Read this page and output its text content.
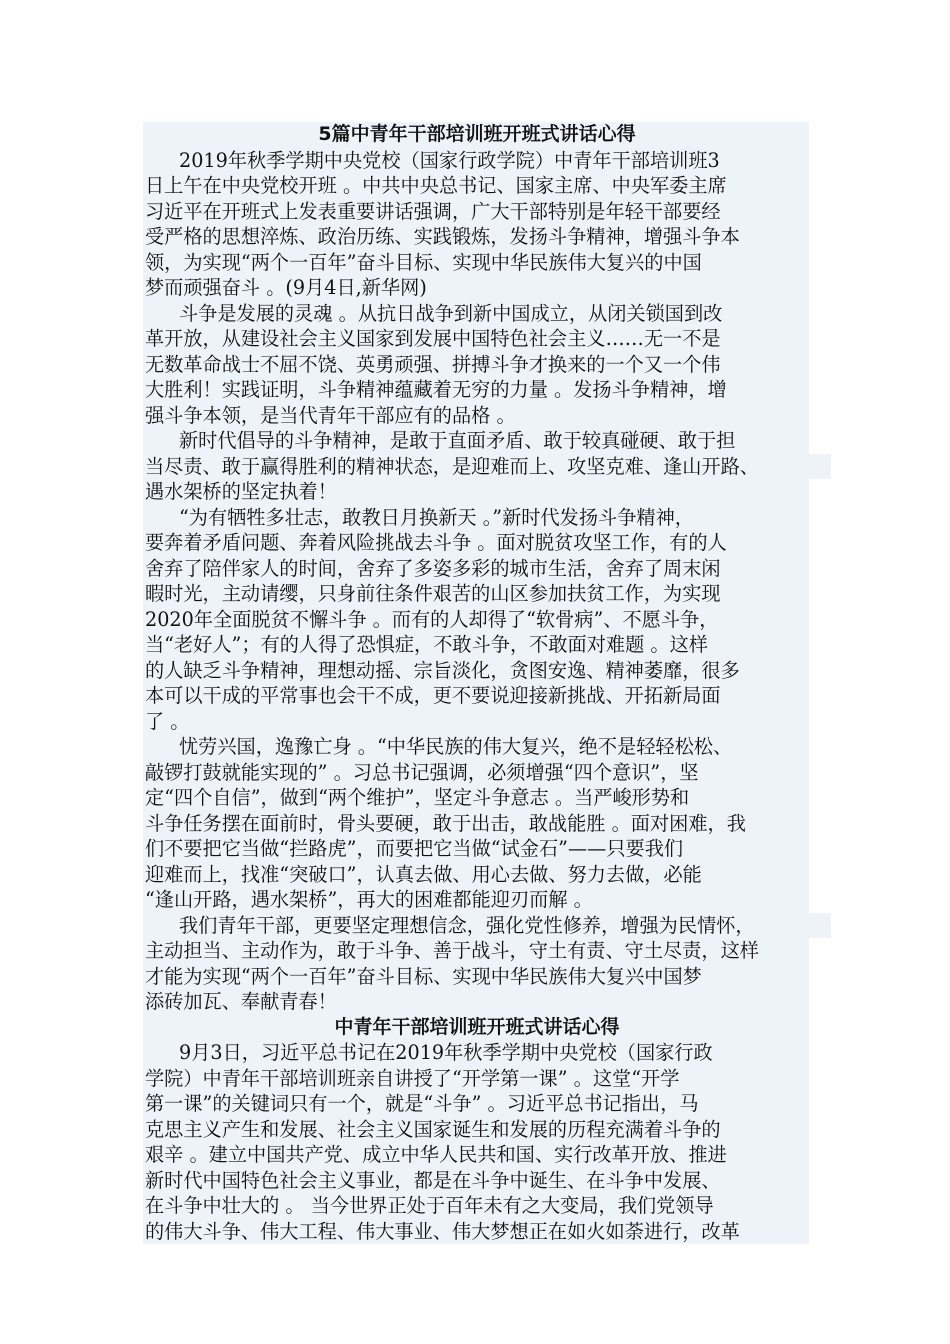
5篇中青年干部培训班开班式讲话心得
2019年秋季学期中央党校（国家行政学院）中青年干部培训班3
日上午在中央党校开班 。中共中央总书记、国家主席、中央军委主席
习近平在开班式上发表重要讲话强调，广大干部特别是年轻干部要经
受严格的思想淬炼、政治历练、实践锻炼，发扬斗争精神，增强斗争本
领，为实现“两个一百年”奋斗目标、实现中华民族伟大复兴的中国
梦而顽强奋斗 。(9月4日,新华网)
斗争是发展的灵魂 。从抗日战争到新中国成立，从闭关锁国到改
革开放，从建设社会主义国家到发展中国特色社会主义……无一不是
无数革命战士不屈不饶、英勇顽强、拼搏斗争才换来的一个又一个伟
大胜利！实践证明，斗争精神蕴藏着无穷的力量 。发扬斗争精神，增
强斗争本领，是当代青年干部应有的品格 。
新时代倡导的斗争精神，是敢于直面矛盾、敢于较真碰硬、敢于担
当尽责、敢于赢得胜利的精神状态，是迎难而上、攻坚克难、逢山开路、
遇水架桥的坚定执着！
“为有牺牲多壮志，敢教日月换新天 。”新时代发扬斗争精神，
要奔着矛盾问题、奔着风险挑战去斗争 。面对脱贫攻坚工作，有的人
舍弃了陪伴家人的时间，舍弃了多姿多彩的城市生活，舍弃了周末闲
暇时光，主动请缨，只身前往条件艰苦的山区参加扶贫工作，为实现
2020年全面脱贫不懈斗争 。而有的人却得了“软骨病”、不愿斗争，
当“老好人”；有的人得了恐惧症，不敢斗争，不敢面对难题 。这样
的人缺乏斗争精神，理想动摇、宗旨淡化，贪图安逸、精神萎靡，很多
本可以干成的平常事也会干不成，更不要说迎接新挑战、开拓新局面
了 。
忧劳兴国，逸豫亡身 。“中华民族的伟大复兴，绝不是轻轻松松、
敲锣打鼓就能实现的” 。习总书记强调，必须增强“四个意识”，坚
定“四个自信”，做到“两个维护”，坚定斗争意志 。当严峻形势和
斗争任务摆在面前时，骨头要硬，敢于出击，敢战能胜 。面对困难，我
们不要把它当做“拦路虎”，而要把它当做“试金石”——只要我们
迎难而上，找准“突破口”，认真去做、用心去做、努力去做，必能
“逢山开路，遇水架桥”，再大的困难都能迎刃而解 。
我们青年干部，更要坚定理想信念，强化党性修养，增强为民情怀，
主动担当、主动作为，敢于斗争、善于战斗，守土有责、守土尽责，这样
才能为实现“两个一百年”奋斗目标、实现中华民族伟大复兴中国梦
添砖加瓦、奉献青春！
中青年干部培训班开班式讲话心得
9月3日，习近平总书记在2019年秋季学期中央党校（国家行政
学院）中青年干部培训班亲自讲授了“开学第一课” 。这堂“开学
第一课”的关键词只有一个，就是“斗争” 。习近平总书记指出，马
克思主义产生和发展、社会主义国家诞生和发展的历程充满着斗争的
艰辛 。建立中国共产党、成立中华人民共和国、实行改革开放、推进
新时代中国特色社会主义事业，都是在斗争中诞生、在斗争中发展、
在斗争中壮大的 。 当今世界正处于百年未有之大变局，我们党领导
的伟大斗争、伟大工程、伟大事业、伟大梦想正在如火如荼进行，改革
